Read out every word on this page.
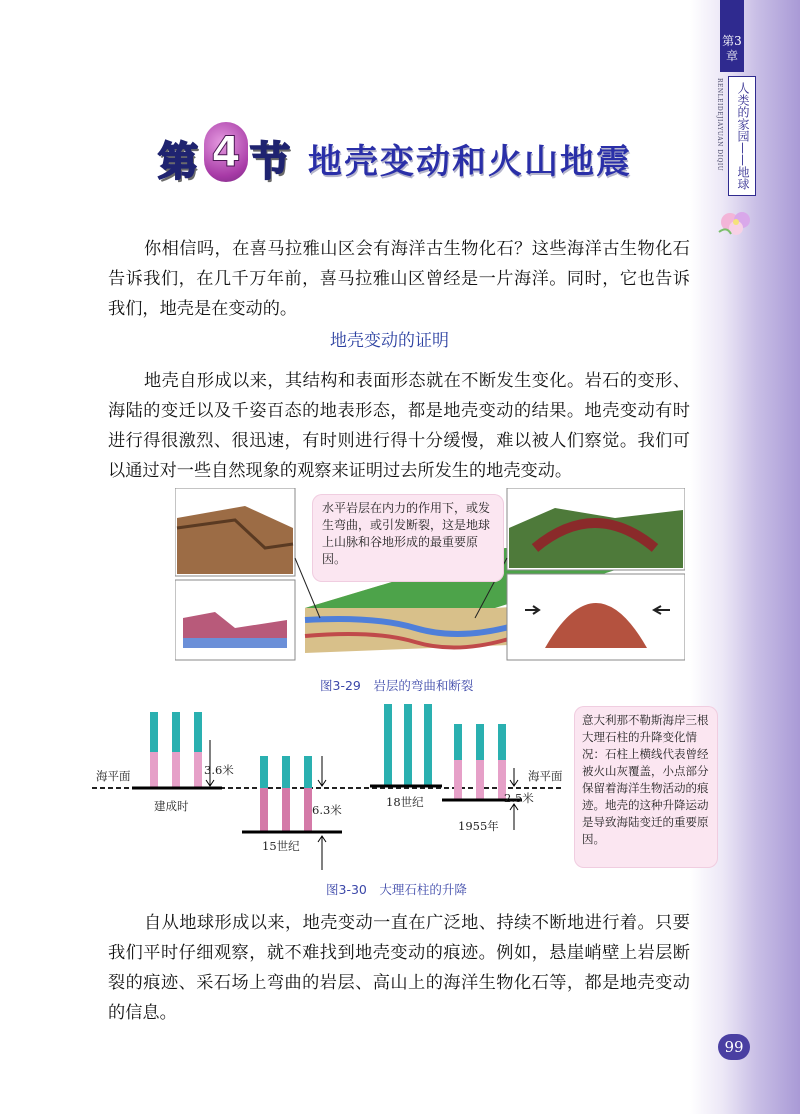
第3章
人类的家园——地球
RENLEIDEJIAYUAN DIQIU
第 4 节 地壳变动和火山地震
你相信吗，在喜马拉雅山区会有海洋古生物化石？这些海洋古生物化石告诉我们，在几千万年前，喜马拉雅山区曾经是一片海洋。同时，它也告诉我们，地壳是在变动的。
地壳变动的证明
地壳自形成以来，其结构和表面形态就在不断发生变化。岩石的变形、海陆的变迁以及千姿百态的地表形态，都是地壳变动的结果。地壳变动有时进行得很激烈、很迅速，有时则进行得十分缓慢，难以被人们察觉。我们可以通过对一些自然现象的观察来证明过去所发生的地壳变动。
水平岩层在内力的作用下，或发生弯曲，或引发断裂，这是地球上山脉和谷地形成的最重要原因。
图3-29　岩层的弯曲和断裂
海平面	海平面
建成时
15世纪
18世纪
1955年
3.6米
6.3米
2.5米
意大利那不勒斯海岸三根大理石柱的升降变化情况：石柱上横线代表曾经被火山灰覆盖，小点部分保留着海洋生物活动的痕迹。地壳的这种升降运动是导致海陆变迁的重要原因。
图3-30　大理石柱的升降
自从地球形成以来，地壳变动一直在广泛地、持续不断地进行着。只要我们平时仔细观察，就不难找到地壳变动的痕迹。例如，悬崖峭壁上岩层断裂的痕迹、采石场上弯曲的岩层、高山上的海洋生物化石等，都是地壳变动的信息。
99
